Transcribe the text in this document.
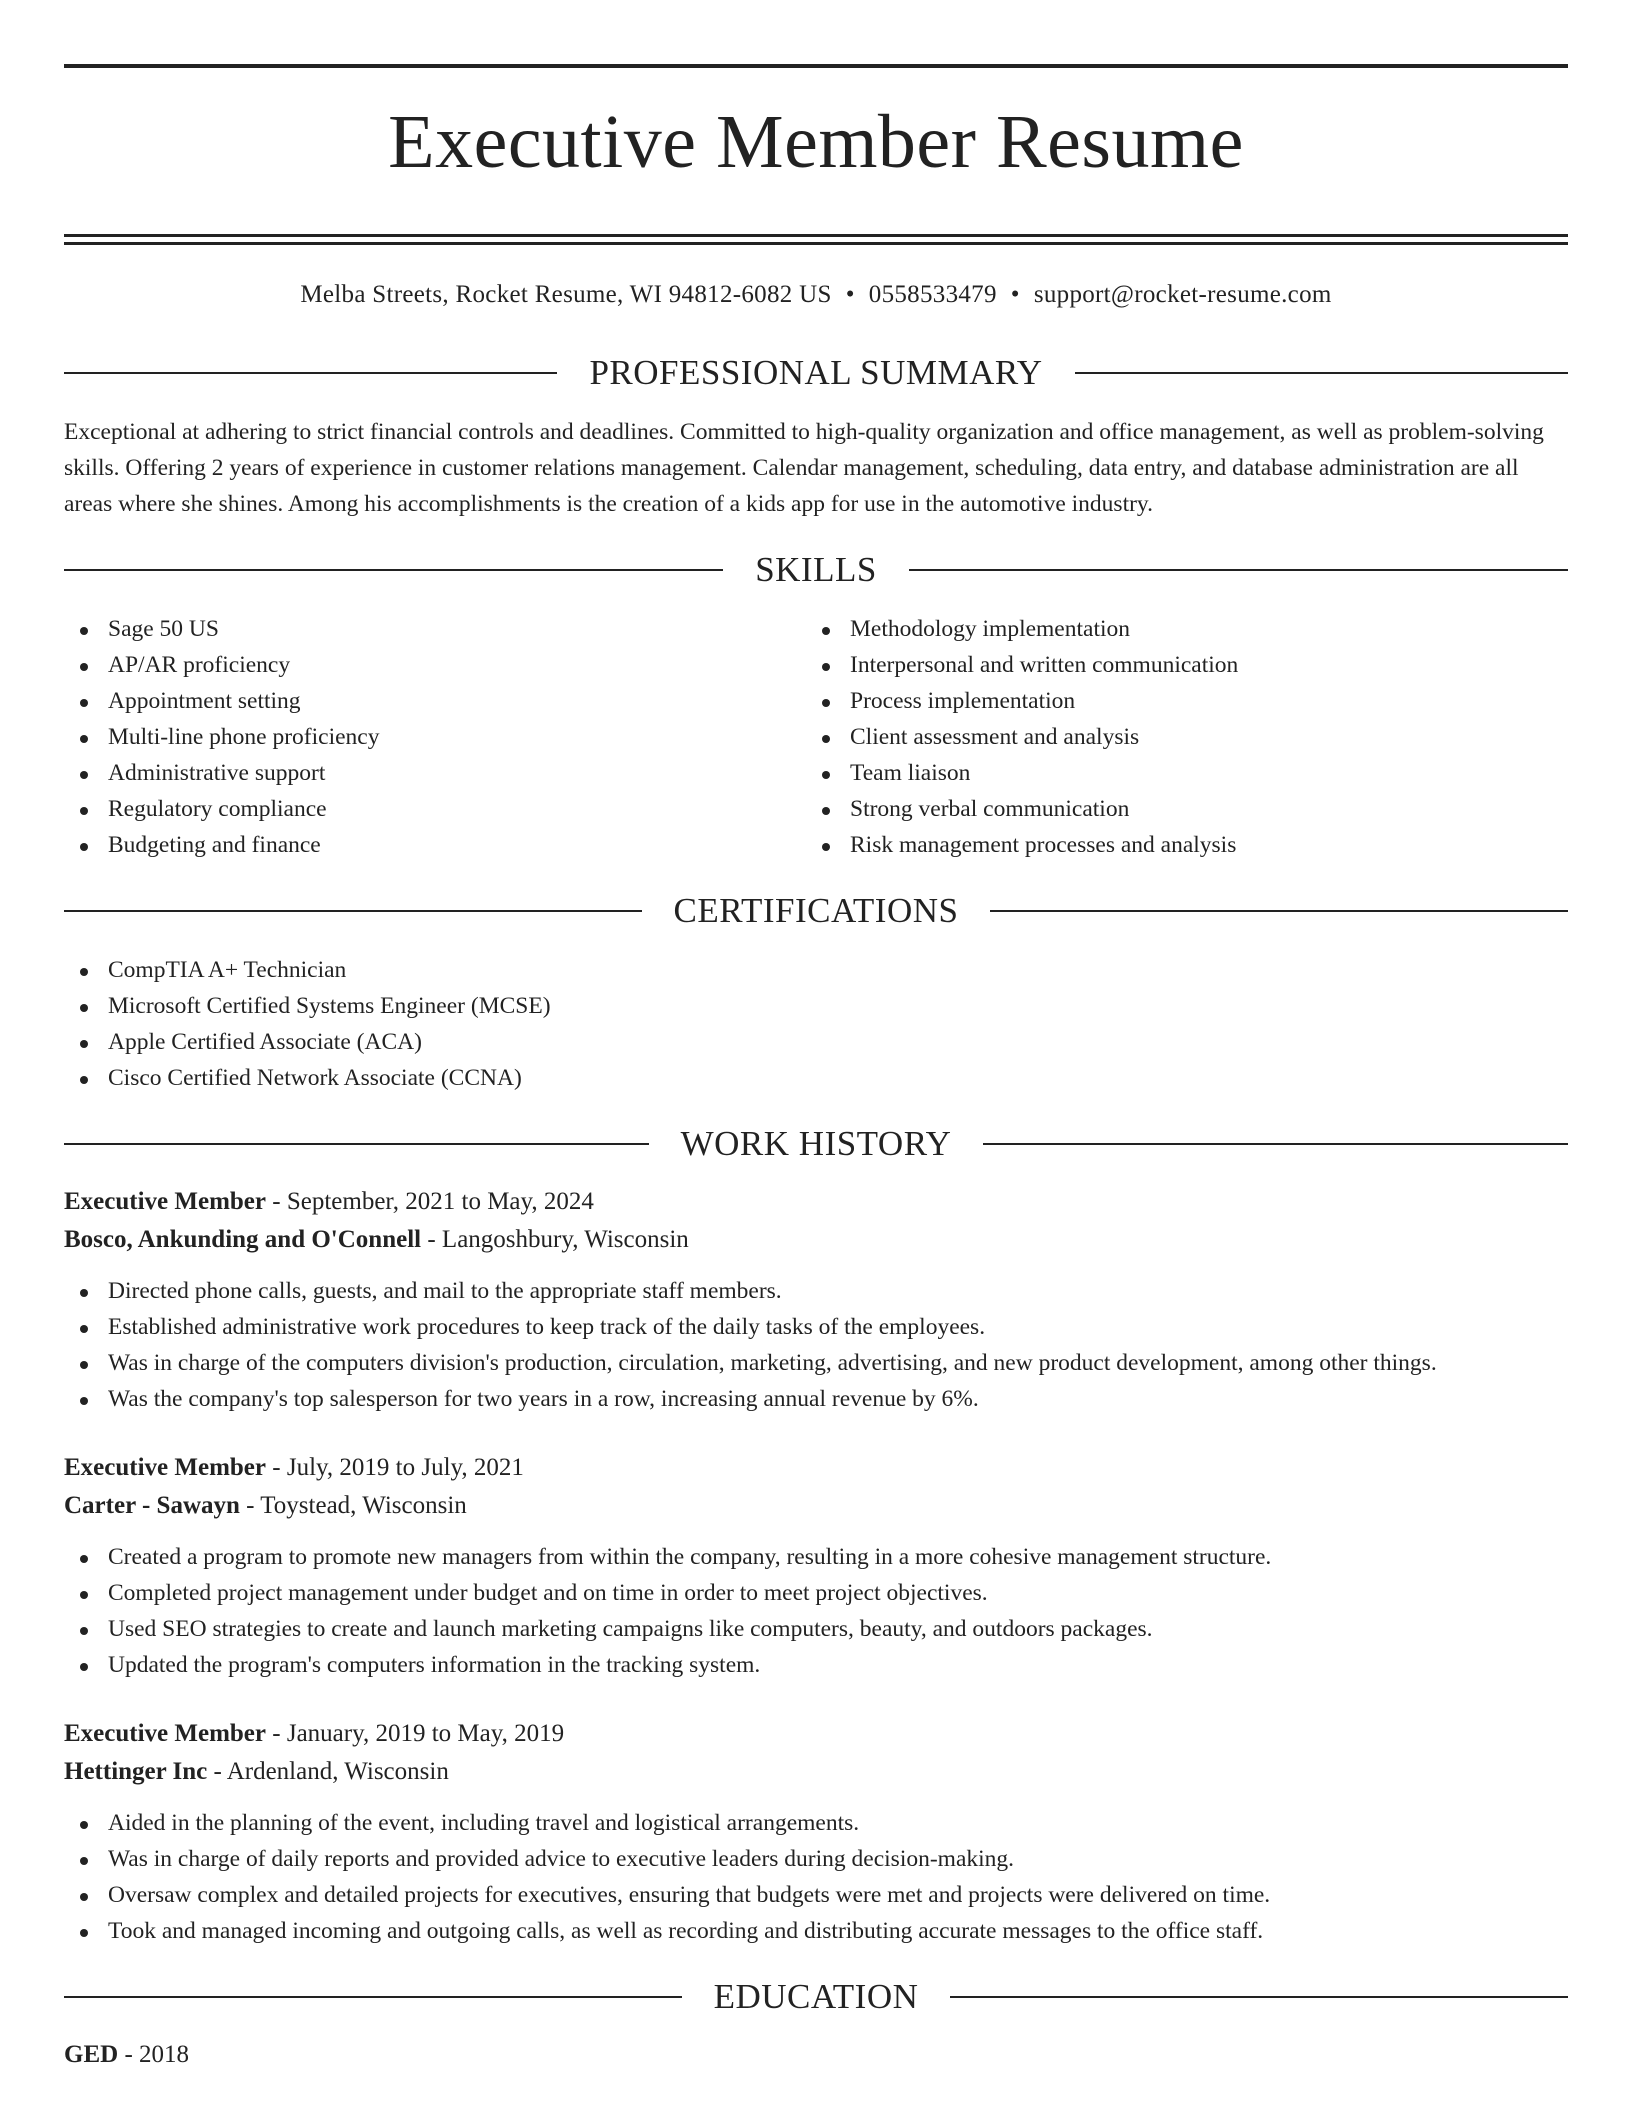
Executive Member Resume
Melba Streets, Rocket Resume, WI 94812-6082 US • 0558533479 • support@rocket-resume.com
PROFESSIONAL SUMMARY

Exceptional at adhering to strict financial controls and deadlines. Committed to high-quality organization and office management, as well as problem-solving skills. Offering 2 years of experience in customer relations management. Calendar management, scheduling, data entry, and database administration are all areas where she shines. Among his accomplishments is the creation of a kids app for use in the automotive industry.

SKILLS
Sage 50 US
AP/AR proficiency
Appointment setting
Multi-line phone proficiency
Administrative support
Regulatory compliance
Budgeting and finance
Methodology implementation
Interpersonal and written communication
Process implementation
Client assessment and analysis
Team liaison
Strong verbal communication
Risk management processes and analysis
CERTIFICATIONS
CompTIA A+ Technician
Microsoft Certified Systems Engineer (MCSE)
Apple Certified Associate (ACA)
Cisco Certified Network Associate (CCNA)
WORK HISTORY
Executive Member - September, 2021 to May, 2024
Bosco, Ankunding and O'Connell - Langoshbury, Wisconsin
Directed phone calls, guests, and mail to the appropriate staff members.
Established administrative work procedures to keep track of the daily tasks of the employees.
Was in charge of the computers division's production, circulation, marketing, advertising, and new product development, among other things.
Was the company's top salesperson for two years in a row, increasing annual revenue by 6%.
Executive Member - July, 2019 to July, 2021
Carter - Sawayn - Toystead, Wisconsin
Created a program to promote new managers from within the company, resulting in a more cohesive management structure.
Completed project management under budget and on time in order to meet project objectives.
Used SEO strategies to create and launch marketing campaigns like computers, beauty, and outdoors packages.
Updated the program's computers information in the tracking system.
Executive Member - January, 2019 to May, 2019
Hettinger Inc - Ardenland, Wisconsin
Aided in the planning of the event, including travel and logistical arrangements.
Was in charge of daily reports and provided advice to executive leaders during decision-making.
Oversaw complex and detailed projects for executives, ensuring that budgets were met and projects were delivered on time.
Took and managed incoming and outgoing calls, as well as recording and distributing accurate messages to the office staff.
EDUCATION
GED - 2018
